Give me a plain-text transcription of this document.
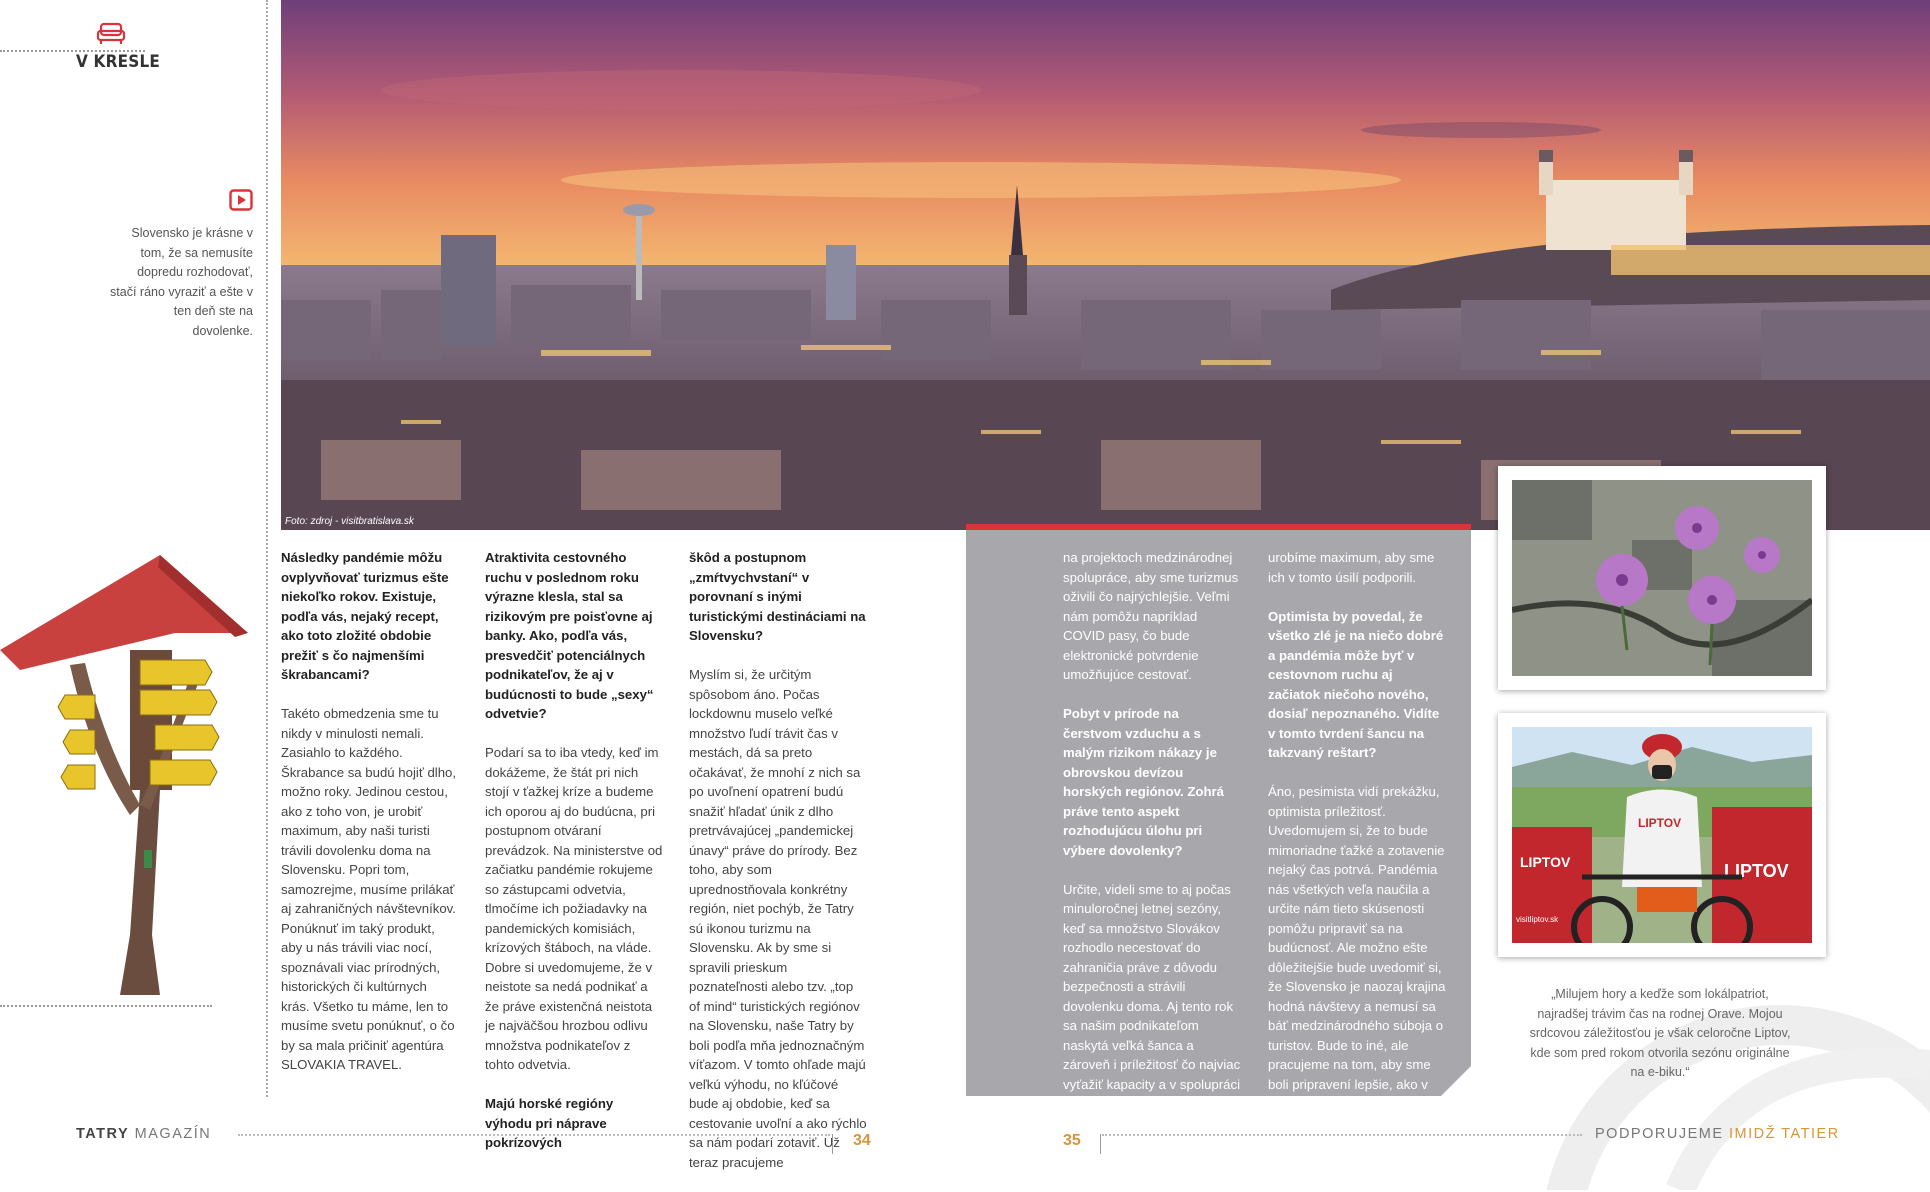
V KRESLE
Slovensko je krásne v tom, že sa nemusíte dopredu rozhodovať, stačí ráno vyraziť a ešte v ten deň ste na dovolenke.
Foto: zdroj - visitbratislava.sk

Následky pandémie môžu ovplyvňovať turizmus ešte niekoľko rokov. Existuje, podľa vás, nejaký recept, ako toto zložité obdobie prežiť s čo najmenšími škrabancami?

Takéto obmedzenia sme tu nikdy v minulosti nemali. Zasiahlo to každého. Škrabance sa budú hojiť dlho, možno roky. Jedinou cestou, ako z toho von, je urobiť maximum, aby naši turisti trávili dovolenku doma na Slovensku. Popri tom, samozrejme, musíme prilákať aj zahraničných návštevníkov. Ponúknuť im taký produkt, aby u nás trávili viac nocí, spoznávali viac prírodných, historických či kultúrnych krás. Všetko tu máme, len to musíme svetu ponúknuť, o čo by sa mala pričiniť agentúra SLOVAKIA TRAVEL.

Atraktivita cestovného ruchu v poslednom roku výrazne klesla, stal sa rizikovým pre poisťovne aj banky. Ako, podľa vás, presvedčiť potenciálnych podnikateľov, že aj v budúcnosti to bude „sexy“ odvetvie?

Podarí sa to iba vtedy, keď im dokážeme, že štát pri nich stojí v ťažkej kríze a budeme ich oporou aj do budúcna, pri postupnom otváraní prevádzok. Na ministerstve od začiatku pandémie rokujeme so zástupcami odvetvia, tlmočíme ich požiadavky na pandemických komisiách, krízových štáboch, na vláde. Dobre si uvedomujeme, že v neistote sa nedá podnikať a že práve existenčná neistota je najväčšou hrozbou odlivu množstva podnikateľov z tohto odvetvia.

Majú horské regióny výhodu pri náprave pokrízových

škôd a postupnom „zmŕtvychvstaní“ v porovnaní s inými turistickými destináciami na Slovensku?

Myslím si, že určitým spôsobom áno. Počas lockdownu muselo veľké množstvo ľudí trávit čas v mestách, dá sa preto očakávať, že mnohí z nich sa po uvoľnení opatrení budú snažiť hľadať únik z dlho pretrvávajúcej „pandemickej únavy“ práve do prírody. Bez toho, aby som uprednostňovala konkrétny región, niet pochýb, že Tatry sú ikonou turizmu na Slovensku. Ak by sme si spravili prieskum poznateľnosti alebo tzv. „top of mind“ turistických regiónov na Slovensku, naše Tatry by boli podľa mňa jednoznačným víťazom. V tomto ohľade majú veľkú výhodu, no kľúčové bude aj obdobie, keď sa cestovanie uvoľní a ako rýchlo sa nám podarí zotaviť. Už teraz pracujeme

na projektoch medzinárodnej spolupráce, aby sme turizmus oživili čo najrýchlejšie. Veľmi nám pomôžu napríklad COVID pasy, čo bude elektronické potvrdenie umožňujúce cestovať.

Pobyt v prírode na čerstvom vzduchu a s malým rizikom nákazy je obrovskou devízou horských regiónov. Zohrá práve tento aspekt rozhodujúcu úlohu pri výbere dovolenky?

Určite, videli sme to aj počas minuloročnej letnej sezóny, keď sa množstvo Slovákov rozhodlo necestovať do zahraničia práve z dôvodu bezpečnosti a strávili dovolenku doma. Aj tento rok sa našim podnikateľom naskytá veľká šanca a zároveň i príležitosť čo najviac vyťažiť kapacity a v spolupráci so SLOVAKIA TRAVEL

urobíme maximum, aby sme ich v tomto úsilí podporili.

Optimista by povedal, že všetko zlé je na niečo dobré a pandémia môže byť v cestovnom ruchu aj začiatok niečoho nového, dosiaľ nepoznaného. Vidíte v tomto tvrdení šancu na takzvaný reštart?

Áno, pesimista vidí prekážku, optimista príležitosť. Uvedomujem si, že to bude mimoriadne ťažké a zotavenie nejaký čas potrvá. Pandémia nás všetkých veľa naučila a určite nám tieto skúsenosti pomôžu pripraviť sa na budúcnosť. Ale možno ešte dôležitejšie bude uvedomiť si, že Slovensko je naozaj krajina hodná návštevy a nemusí sa báť medzinárodného súboja o turistov. Bude to iné, ale pracujeme na tom, aby sme boli pripravení lepšie, ako v minulosti.

LIPTOV
visitliptov.sk
LIPTOV
LIPTOV
„Milujem hory a keďže som lokálpatriot, najradšej trávim čas na rodnej Orave. Mojou srdcovou záležitosťou je však celoročne Liptov, kde som pred rokom otvorila sezónu originálne na e-biku.“
TATRY MAGAZÍN	34	35	PODPORUJEME IMIDŽ TATIER
